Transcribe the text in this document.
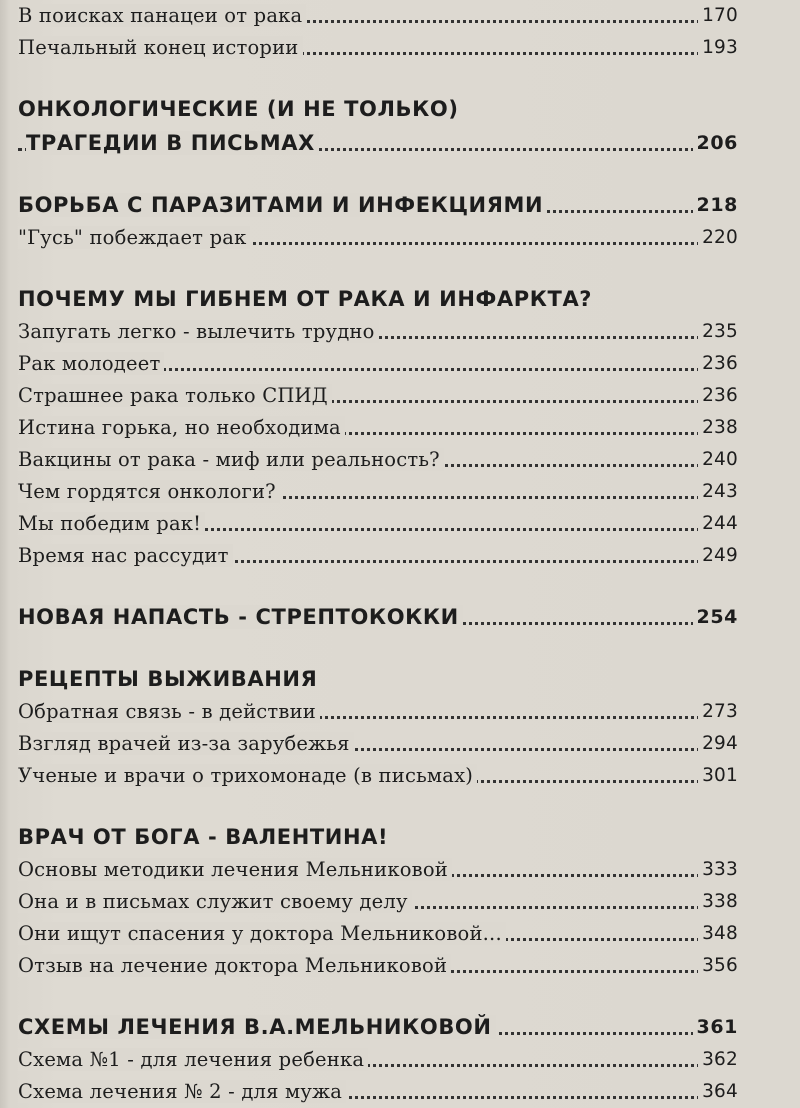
В поисках панацеи от рака	170
Печальный конец истории	193
ОНКОЛОГИЧЕСКИЕ (И НЕ ТОЛЬКО)
ТРАГЕДИИ В ПИСЬМАХ	206
БОРЬБА С ПАРАЗИТАМИ И ИНФЕКЦИЯМИ	218
"Гусь" побеждает рак	220
ПОЧЕМУ МЫ ГИБНЕМ ОТ РАКА И ИНФАРКТА?
Запугать легко - вылечить трудно	235
Рак молодеет	236
Страшнее рака только СПИД	236
Истина горька, но необходима	238
Вакцины от рака - миф или реальность?	240
Чем гордятся онкологи?	243
Мы победим рак!	244
Время нас рассудит	249
НОВАЯ НАПАСТЬ - СТРЕПТОКОККИ	254
РЕЦЕПТЫ ВЫЖИВАНИЯ
Обратная связь - в действии	273
Взгляд врачей из-за зарубежья	294
Ученые и врачи о трихомонаде (в письмах)	301
ВРАЧ ОТ БОГА - ВАЛЕНТИНА!
Основы методики лечения Мельниковой	333
Она и в письмах служит своему делу	338
Они ищут спасения у доктора Мельниковой...	348
Отзыв на лечение доктора Мельниковой	356
СХЕМЫ ЛЕЧЕНИЯ В.А.МЕЛЬНИКОВОЙ	361
Схема №1 - для лечения ребенка	362
Схема лечения № 2 - для мужа	364
